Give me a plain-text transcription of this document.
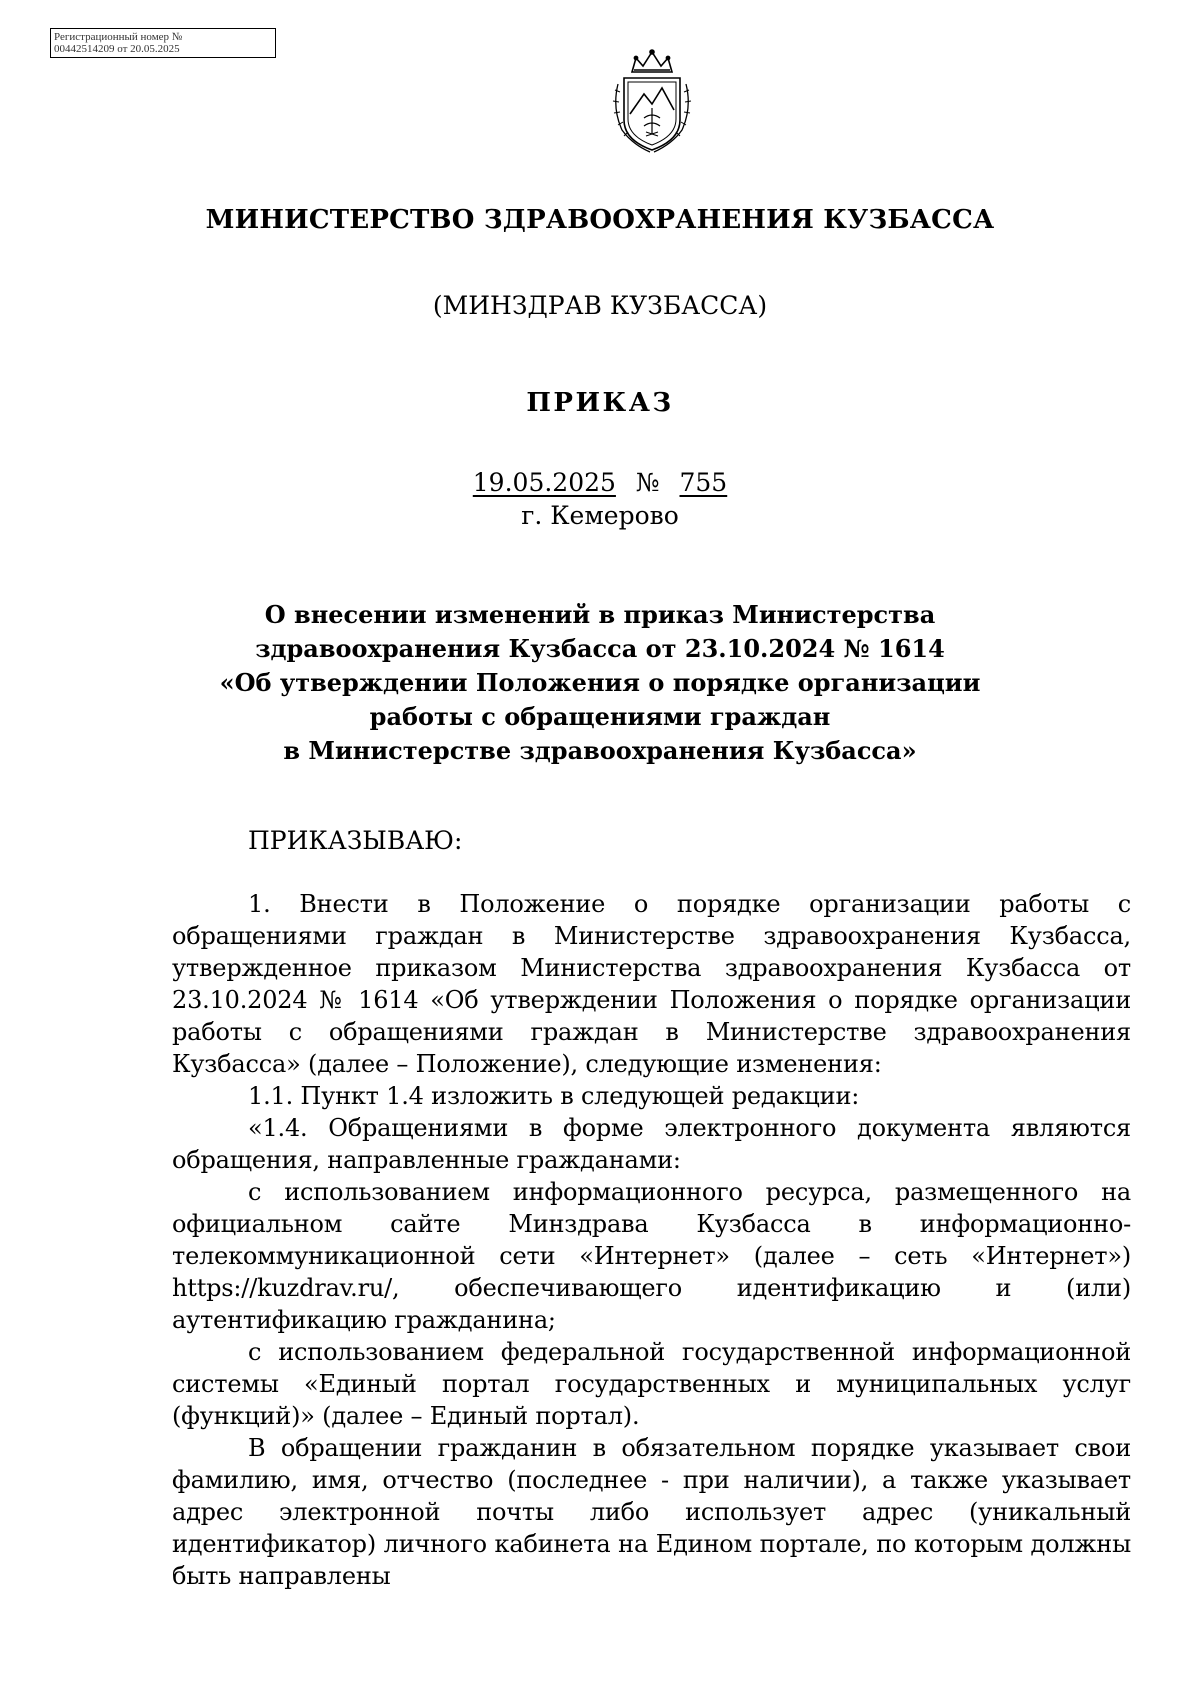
Регистрационный номер №
00442514209 от 20.05.2025
МИНИСТЕРСТВО ЗДРАВООХРАНЕНИЯ КУЗБАССА
(МИНЗДРАВ КУЗБАССА)
ПРИКАЗ
19.05.2025 № 755
г. Кемерово
О внесении изменений в приказ Министерства
здравоохранения Кузбасса от 23.10.2024 № 1614
«Об утверждении Положения о порядке организации
работы с обращениями граждан
в Министерстве здравоохранения Кузбасса»
ПРИКАЗЫВАЮ:

1. Внести в Положение о порядке организации работы с обращениями граждан в Министерстве здравоохранения Кузбасса, утвержденное приказом Министерства здравоохранения Кузбасса от 23.10.2024 № 1614 «Об утверждении Положения о порядке организации работы с обращениями граждан в Министерстве здравоохранения Кузбасса» (далее – Положение), следующие изменения:

1.1. Пункт 1.4 изложить в следующей редакции:

«1.4. Обращениями в форме электронного документа являются обращения, направленные гражданами:

с использованием информационного ресурса, размещенного на официальном сайте Минздрава Кузбасса в информационно-телекоммуникационной сети «Интернет» (далее – сеть «Интернет») https://kuzdrav.ru/, обеспечивающего идентификацию и (или) аутентификацию гражданина;

с использованием федеральной государственной информационной системы «Единый портал государственных и муниципальных услуг (функций)» (далее – Единый портал).

В обращении гражданин в обязательном порядке указывает свои фамилию, имя, отчество (последнее - при наличии), а также указывает адрес электронной почты либо использует адрес (уникальный идентификатор) личного кабинета на Едином портале, по которым должны быть направлены
